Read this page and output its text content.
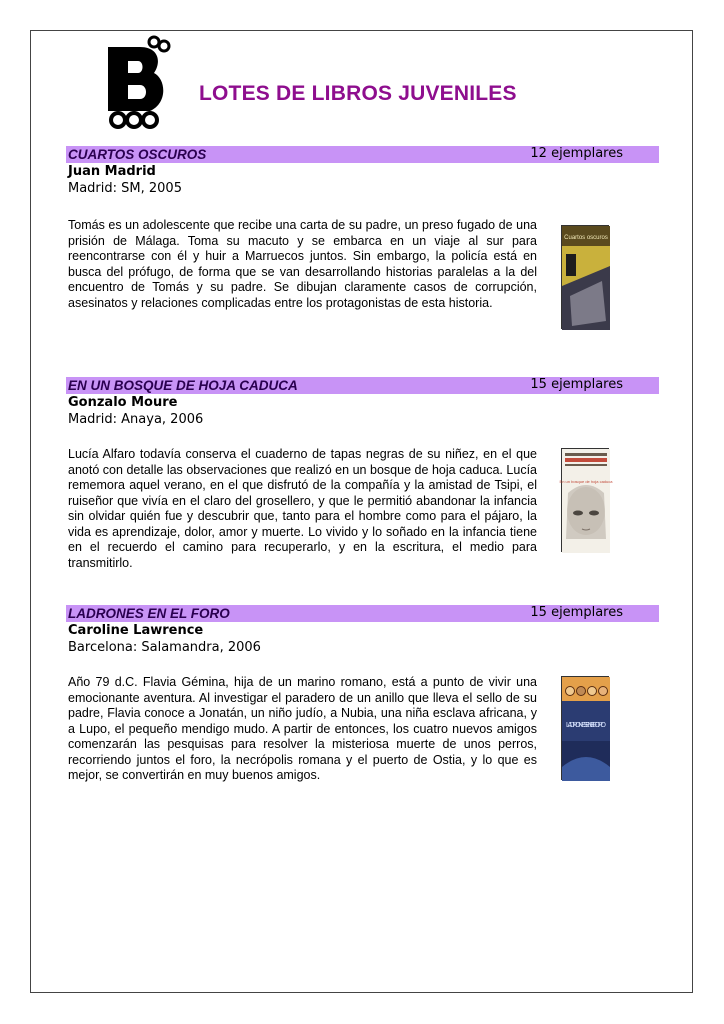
LOTES DE LIBROS JUVENILES
CUARTOS OSCUROS	12 ejemplares
Juan Madrid
Madrid: SM, 2005
Tomás es un adolescente que recibe una carta de su padre, un preso fugado de una prisión de Málaga. Toma su macuto y se embarca en un viaje al sur para reencontrarse con él y huir a Marruecos juntos. Sin embargo, la policía está en busca del prófugo, de forma que se van desarrollando historias paralelas a la del encuentro de Tomás y su padre. Se dibujan claramente casos de corrupción, asesinatos y relaciones complicadas entre los protagonistas de esta historia.
Cuartos oscuros
EN UN BOSQUE DE HOJA CADUCA	15 ejemplares
Gonzalo Moure
Madrid: Anaya, 2006
Lucía Alfaro todavía conserva el cuaderno de tapas negras de su niñez, en el que anotó con detalle las observaciones que realizó en un bosque de hoja caduca. Lucía rememora aquel verano, en el que disfrutó de la compañía y la amistad de Tsipi, el ruiseñor que vivía en el claro del grosellero, y que le permitió abandonar la infancia sin olvidar quién fue y descubrir que, tanto para el hombre como para el pájaro, la vida es aprendizaje, dolor, amor y muerte. Lo vivido y lo soñado en la infancia tiene en el recuerdo el camino para recuperarlo, y en la escritura, el medio para transmitirlo.
En un bosque de hoja caduca
LADRONES EN EL FORO	15 ejemplares
Caroline Lawrence
Barcelona: Salamandra, 2006
Año 79 d.C. Flavia Gémina, hija de un marino romano, está a punto de vivir una emocionante aventura. Al investigar el paradero de un anillo que lleva el sello de su padre, Flavia conoce a Jonatán, un niño judío, a Nubia, una niña esclava africana, y a Lupo, el pequeño mendigo mudo. A partir de entonces, los cuatro nuevos amigos comenzarán las pesquisas para resolver la misteriosa muerte de unos perros, recorriendo juntos el foro, la necrópolis romana y el puerto de Ostia, y lo que es mejor, se convertirán en muy buenos amigos.
LADRONES EN EL FORO
